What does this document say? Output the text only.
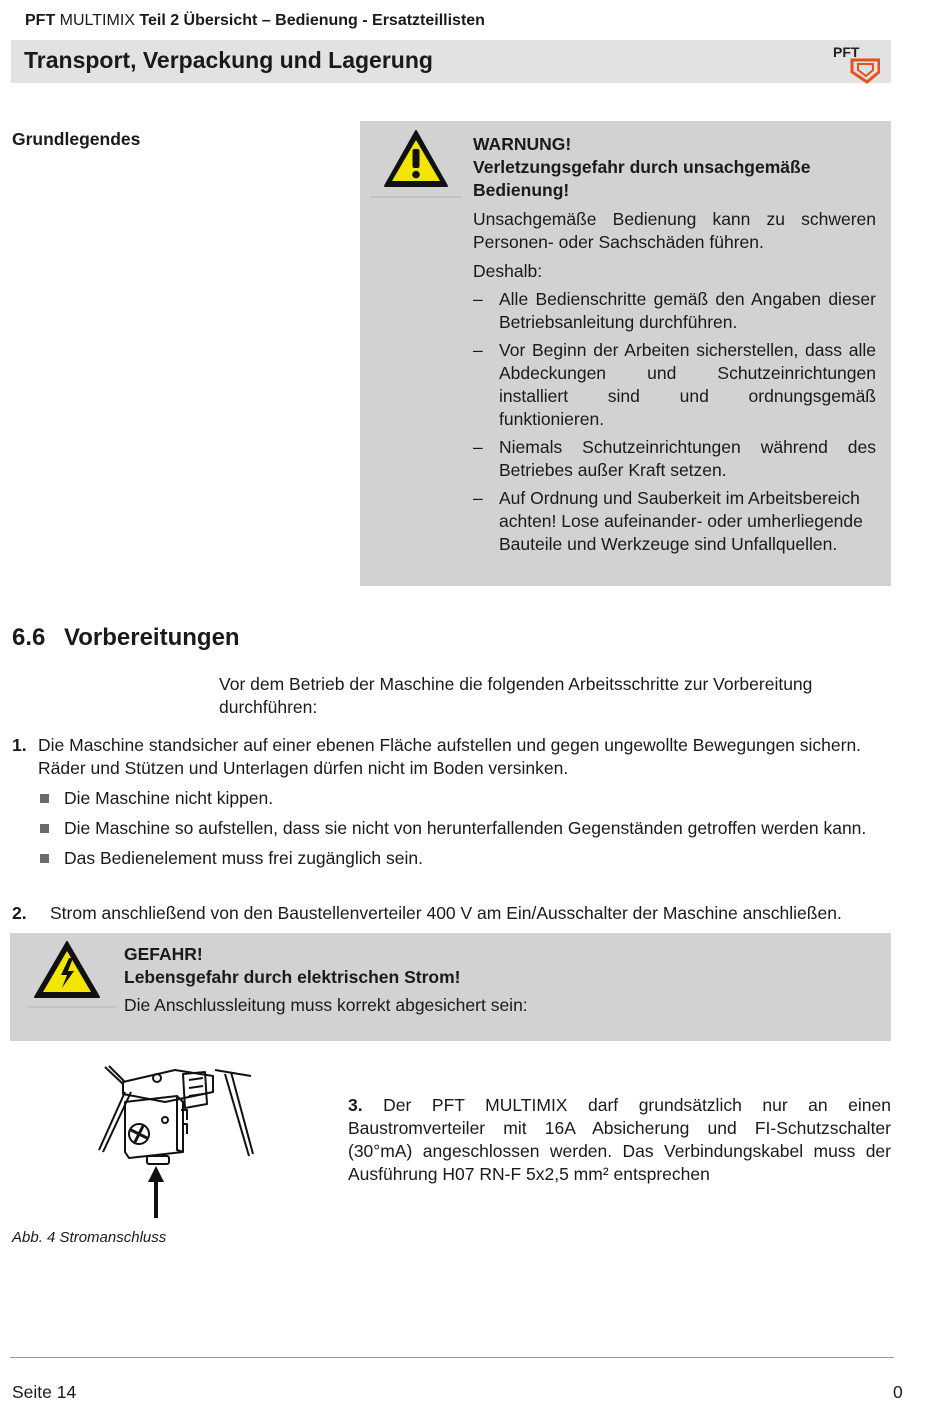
PFT MULTIMIX Teil 2 Übersicht – Bedienung - Ersatzteillisten
Transport, Verpackung und Lagerung	PFT
Grundlegendes	WARNUNG!

Verletzungsgefahr durch unsachgemäße Bedienung!

Unsachgemäße Bedienung kann zu schweren Personen- oder Sachschäden führen.

Deshalb:

– Alle Bedienschritte gemäß den Angaben dieser Betriebsanleitung durchführen.
– Vor Beginn der Arbeiten sicherstellen, dass alle Abdeckungen und Schutzeinrichtungen installiert sind und ordnungsgemäß funktionieren.
– Niemals Schutzeinrichtungen während des Betriebes außer Kraft setzen.
– Auf Ordnung und Sauberkeit im Arbeitsbereich achten! Lose aufeinander- oder umherliegende Bauteile und Werkzeuge sind Unfallquellen.
6.6 Vorbereitungen
Vor dem Betrieb der Maschine die folgenden Arbeitsschritte zur Vorbereitung durchführen:
1. Die Maschine standsicher auf einer ebenen Fläche aufstellen und gegen ungewollte Bewegungen sichern. Räder und Stützen und Unterlagen dürfen nicht im Boden versinken.
Die Maschine nicht kippen.
Die Maschine so aufstellen, dass sie nicht von herunterfallenden Gegenständen getroffen werden kann.
Das Bedienelement muss frei zugänglich sein.
2. Strom anschließend von den Baustellenverteiler 400 V am Ein/Ausschalter der Maschine anschließen.

GEFAHR!

Lebensgefahr durch elektrischen Strom!

Die Anschlussleitung muss korrekt abgesichert sein:

3. Der PFT MULTIMIX darf grundsätzlich nur an einen Baustromverteiler mit 16A Absicherung und FI-Schutzschalter (30°mA) angeschlossen werden. Das Verbindungskabel muss der Ausführung H07 RN-F 5x2,5 mm² entsprechen
Abb. 4 Stromanschluss
Seite 14	0
